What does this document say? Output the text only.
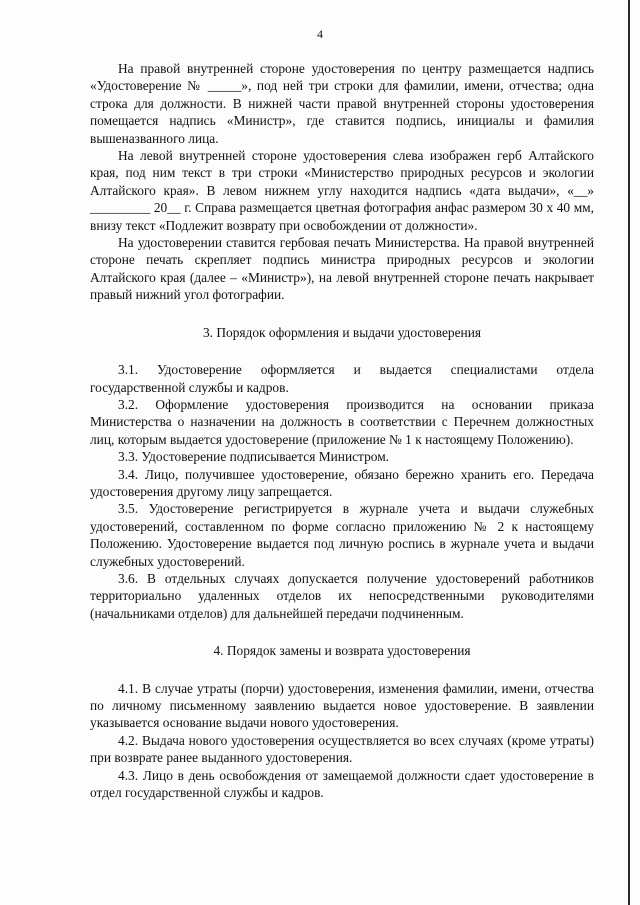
4

На правой внутренней стороне удостоверения по центру размещается надпись «Удостоверение № _____», под ней три строки для фамилии, имени, отчества; одна строка для должности. В нижней части правой внутренней стороны удостоверения помещается надпись «Министр», где ставится подпись, инициалы и фамилия вышеназванного лица.

На левой внутренней стороне удостоверения слева изображен герб Алтайского края, под ним текст в три строки «Министерство природных ресурсов и экологии Алтайского края». В левом нижнем углу находится надпись «дата выдачи», «__» _________ 20__ г. Справа размещается цветная фотография анфас размером 30 х 40 мм, внизу текст «Подлежит возврату при освобождении от должности».

На удостоверении ставится гербовая печать Министерства. На правой внутренней стороне печать скрепляет подпись министра природных ресурсов и экологии Алтайского края (далее – «Министр»), на левой внутренней стороне печать накрывает правый нижний угол фотографии.

3. Порядок оформления и выдачи удостоверения

3.1. Удостоверение оформляется и выдается специалистами отдела государственной службы и кадров.

3.2. Оформление удостоверения производится на основании приказа Министерства о назначении на должность в соответствии с Перечнем должностных лиц, которым выдается удостоверение (приложение № 1 к настоящему Положению).

3.3. Удостоверение подписывается Министром.

3.4. Лицо, получившее удостоверение, обязано бережно хранить его. Передача удостоверения другому лицу запрещается.

3.5. Удостоверение регистрируется в журнале учета и выдачи служебных удостоверений, составленном по форме согласно приложению № 2 к настоящему Положению. Удостоверение выдается под личную роспись в журнале учета и выдачи служебных удостоверений.

3.6. В отдельных случаях допускается получение удостоверений работников территориально удаленных отделов их непосредственными руководителями (начальниками отделов) для дальнейшей передачи подчиненным.

4. Порядок замены и возврата удостоверения

4.1. В случае утраты (порчи) удостоверения, изменения фамилии, имени, отчества по личному письменному заявлению выдается новое удостоверение. В заявлении указывается основание выдачи нового удостоверения.

4.2. Выдача нового удостоверения осуществляется во всех случаях (кроме утраты) при возврате ранее выданного удостоверения.

4.3. Лицо в день освобождения от замещаемой должности сдает удостоверение в отдел государственной службы и кадров.
